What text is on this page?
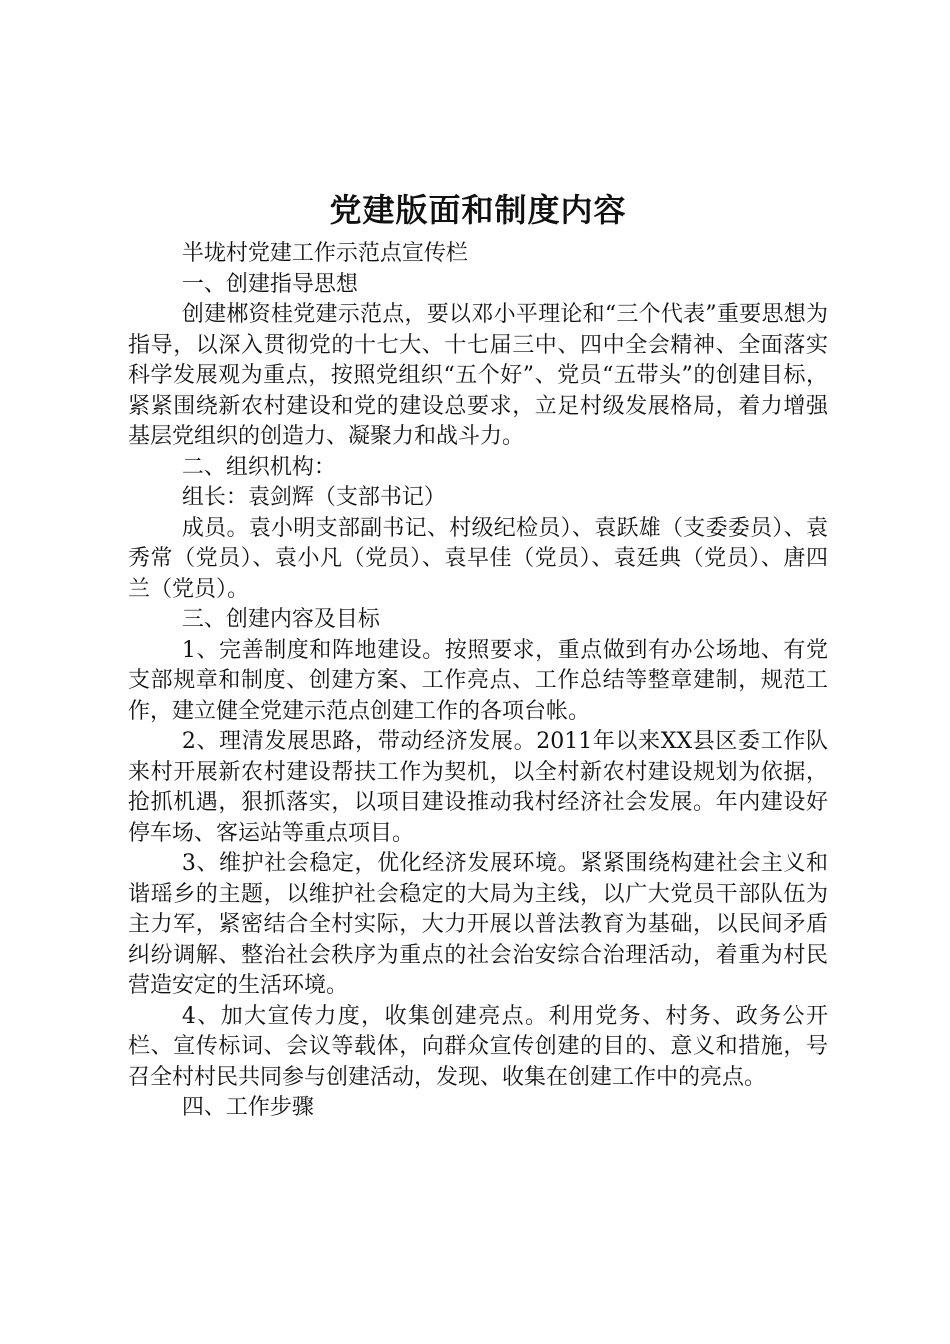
党建版面和制度内容

半垅村党建工作示范点宣传栏

一、创建指导思想

创建郴资桂党建示范点，要以邓小平理论和“三个代表”重要思想为指导，以深入贯彻党的十七大、十七届三中、四中全会精神、全面落实科学发展观为重点，按照党组织“五个好”、党员“五带头”的创建目标，紧紧围绕新农村建设和党的建设总要求，立足村级发展格局，着力增强基层党组织的创造力、凝聚力和战斗力。

二、组织机构：

组长：袁剑辉（支部书记）

成员。袁小明支部副书记、村级纪检员）、袁跃雄（支委委员）、袁秀常（党员）、袁小凡（党员）、袁早佳（党员）、袁廷典（党员）、唐四兰（党员）。

三、创建内容及目标

1、完善制度和阵地建设。按照要求，重点做到有办公场地、有党支部规章和制度、创建方案、工作亮点、工作总结等整章建制，规范工作，建立健全党建示范点创建工作的各项台帐。

2、理清发展思路，带动经济发展。2011年以来XX县区委工作队来村开展新农村建设帮扶工作为契机，以全村新农村建设规划为依据，抢抓机遇，狠抓落实，以项目建设推动我村经济社会发展。年内建设好停车场、客运站等重点项目。

3、维护社会稳定，优化经济发展环境。紧紧围绕构建社会主义和谐瑶乡的主题，以维护社会稳定的大局为主线，以广大党员干部队伍为主力军，紧密结合全村实际，大力开展以普法教育为基础，以民间矛盾纠纷调解、整治社会秩序为重点的社会治安综合治理活动，着重为村民营造安定的生活环境。

4、加大宣传力度，收集创建亮点。利用党务、村务、政务公开栏、宣传标词、会议等载体，向群众宣传创建的目的、意义和措施，号召全村村民共同参与创建活动，发现、收集在创建工作中的亮点。

四、工作步骤
